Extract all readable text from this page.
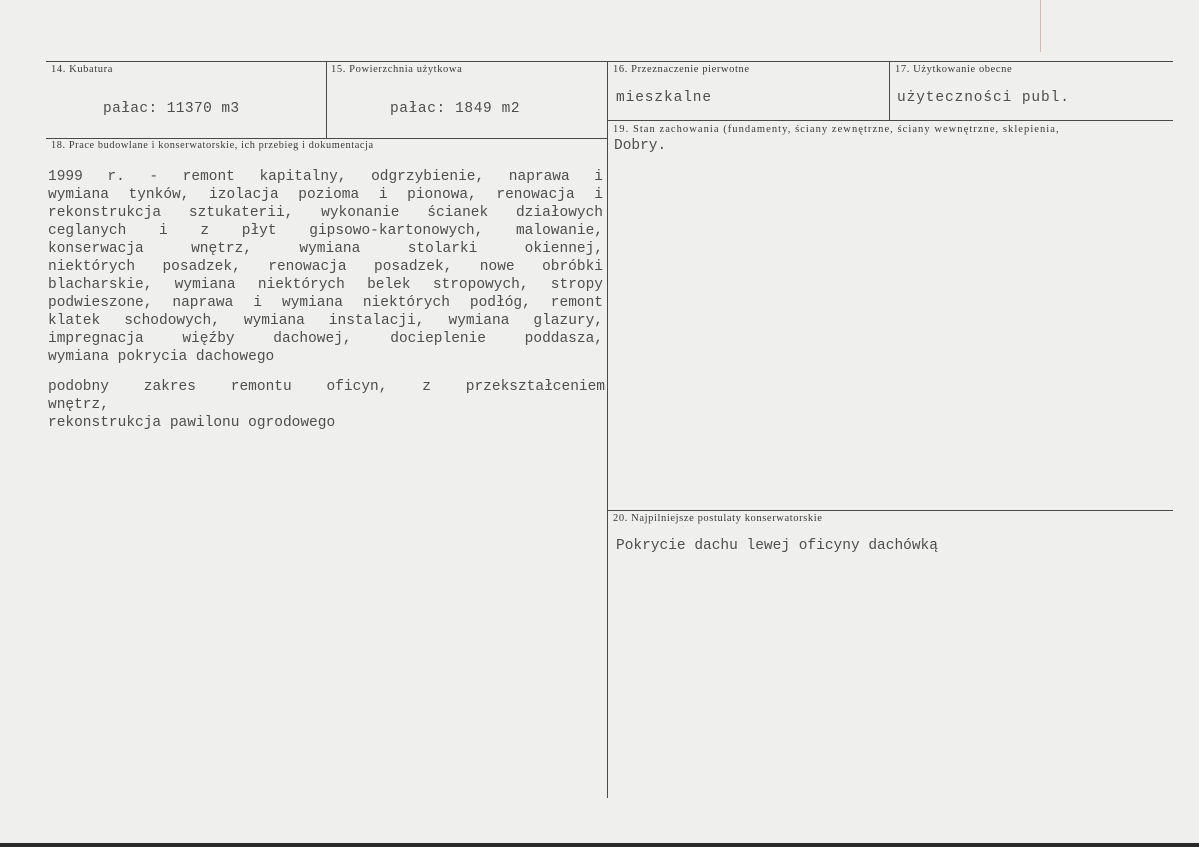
14. Kubatura
pałac: 11370 m3
15. Powierzchnia użytkowa
pałac: 1849 m2
16. Przeznaczenie pierwotne
mieszkalne
17. Użytkowanie obecne
użyteczności publ.
18. Prace budowlane i konserwatorskie, ich przebieg i dokumentacja
1999 r. - remont kapitalny, odgrzybienie, naprawa i
wymiana tynków, izolacja pozioma i pionowa, renowacja i
rekonstrukcja sztukaterii, wykonanie ścianek działowych
ceglanych i z płyt gipsowo-kartonowych, malowanie,
konserwacja wnętrz, wymiana stolarki okiennej,
niektórych posadzek, renowacja posadzek, nowe obróbki
blacharskie, wymiana niektórych belek stropowych, stropy
podwieszone, naprawa i wymiana niektórych podłóg, remont
klatek schodowych, wymiana instalacji, wymiana glazury,
impregnacja więźby dachowej, docieplenie poddasza,
wymiana pokrycia dachowego
podobny zakres remontu oficyn, z przekształceniem
wnętrz,
rekonstrukcja pawilonu ogrodowego
19. Stan zachowania (fundamenty, ściany zewnętrzne, ściany wewnętrzne, sklepienia,
Dobry.
20. Najpilniejsze postulaty konserwatorskie
Pokrycie dachu lewej oficyny dachówką
